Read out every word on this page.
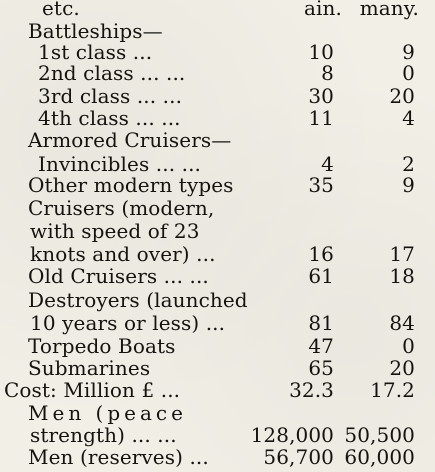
etc.	ain. many.
Battleships—
1st class ...	10	9
2nd class ... ...	8	0
3rd class ... ...	30	20
4th class ... ...	11	4
Armored Cruisers—
Invincibles ... ...	4	2
Other modern types	35	9
Cruisers (modern,
with speed of 23
knots and over) ...	16	17
Old Cruisers ... ...	61	18
Destroyers (launched
10 years or less) ...	81	84
Torpedo Boats	47	0
Submarines	65	20
Cost: Million £ ...	32.3	17.2
Men (peace
strength) ... ...	128,000 50,500
Men (reserves) ...	56,700 60,000
